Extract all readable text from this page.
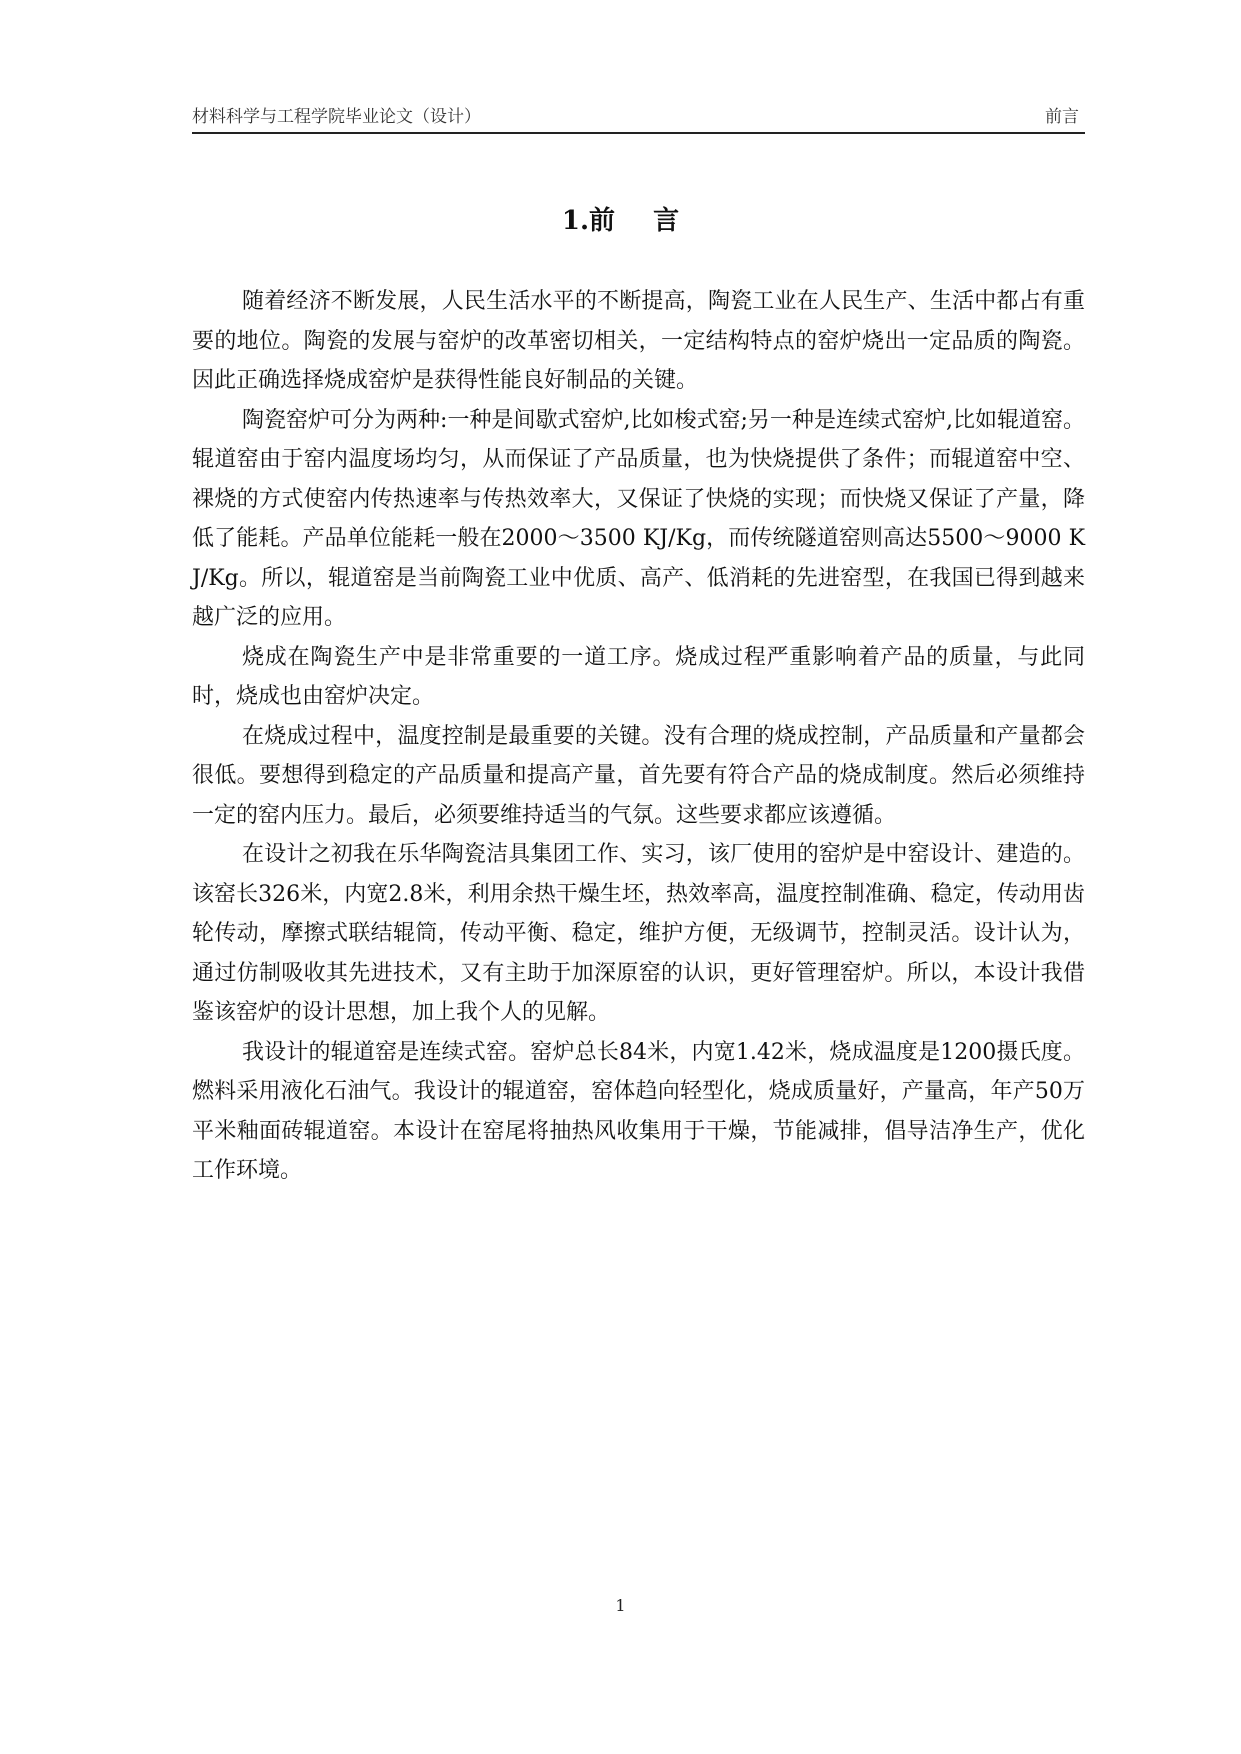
材料科学与工程学院毕业论文（设计）	前言
1.前 言

随着经济不断发展，人民生活水平的不断提高，陶瓷工业在人民生产、生活中都占有重要的地位。陶瓷的发展与窑炉的改革密切相关，一定结构特点的窑炉烧出一定品质的陶瓷。因此正确选择烧成窑炉是获得性能良好制品的关键。

陶瓷窑炉可分为两种:一种是间歇式窑炉,比如梭式窑;另一种是连续式窑炉,比如辊道窑。辊道窑由于窑内温度场均匀，从而保证了产品质量，也为快烧提供了条件；而辊道窑中空、裸烧的方式使窑内传热速率与传热效率大，又保证了快烧的实现；而快烧又保证了产量，降低了能耗。产品单位能耗一般在2000～3500 KJ/Kg，而传统隧道窑则高达5500～9000 KJ/Kg。所以，辊道窑是当前陶瓷工业中优质、高产、低消耗的先进窑型，在我国已得到越来越广泛的应用。

烧成在陶瓷生产中是非常重要的一道工序。烧成过程严重影响着产品的质量，与此同时，烧成也由窑炉决定。

在烧成过程中，温度控制是最重要的关键。没有合理的烧成控制，产品质量和产量都会很低。要想得到稳定的产品质量和提高产量，首先要有符合产品的烧成制度。然后必须维持一定的窑内压力。最后，必须要维持适当的气氛。这些要求都应该遵循。

在设计之初我在乐华陶瓷洁具集团工作、实习，该厂使用的窑炉是中窑设计、建造的。该窑长326米，内宽2.8米，利用余热干燥生坯，热效率高，温度控制准确、稳定，传动用齿轮传动，摩擦式联结辊筒，传动平衡、稳定，维护方便，无级调节，控制灵活。设计认为，通过仿制吸收其先进技术，又有主助于加深原窑的认识，更好管理窑炉。所以，本设计我借鉴该窑炉的设计思想，加上我个人的见解。

我设计的辊道窑是连续式窑。窑炉总长84米，内宽1.42米，烧成温度是1200摄氏度。燃料采用液化石油气。我设计的辊道窑，窑体趋向轻型化，烧成质量好，产量高，年产50万平米釉面砖辊道窑。本设计在窑尾将抽热风收集用于干燥，节能减排，倡导洁净生产，优化工作环境。

1
